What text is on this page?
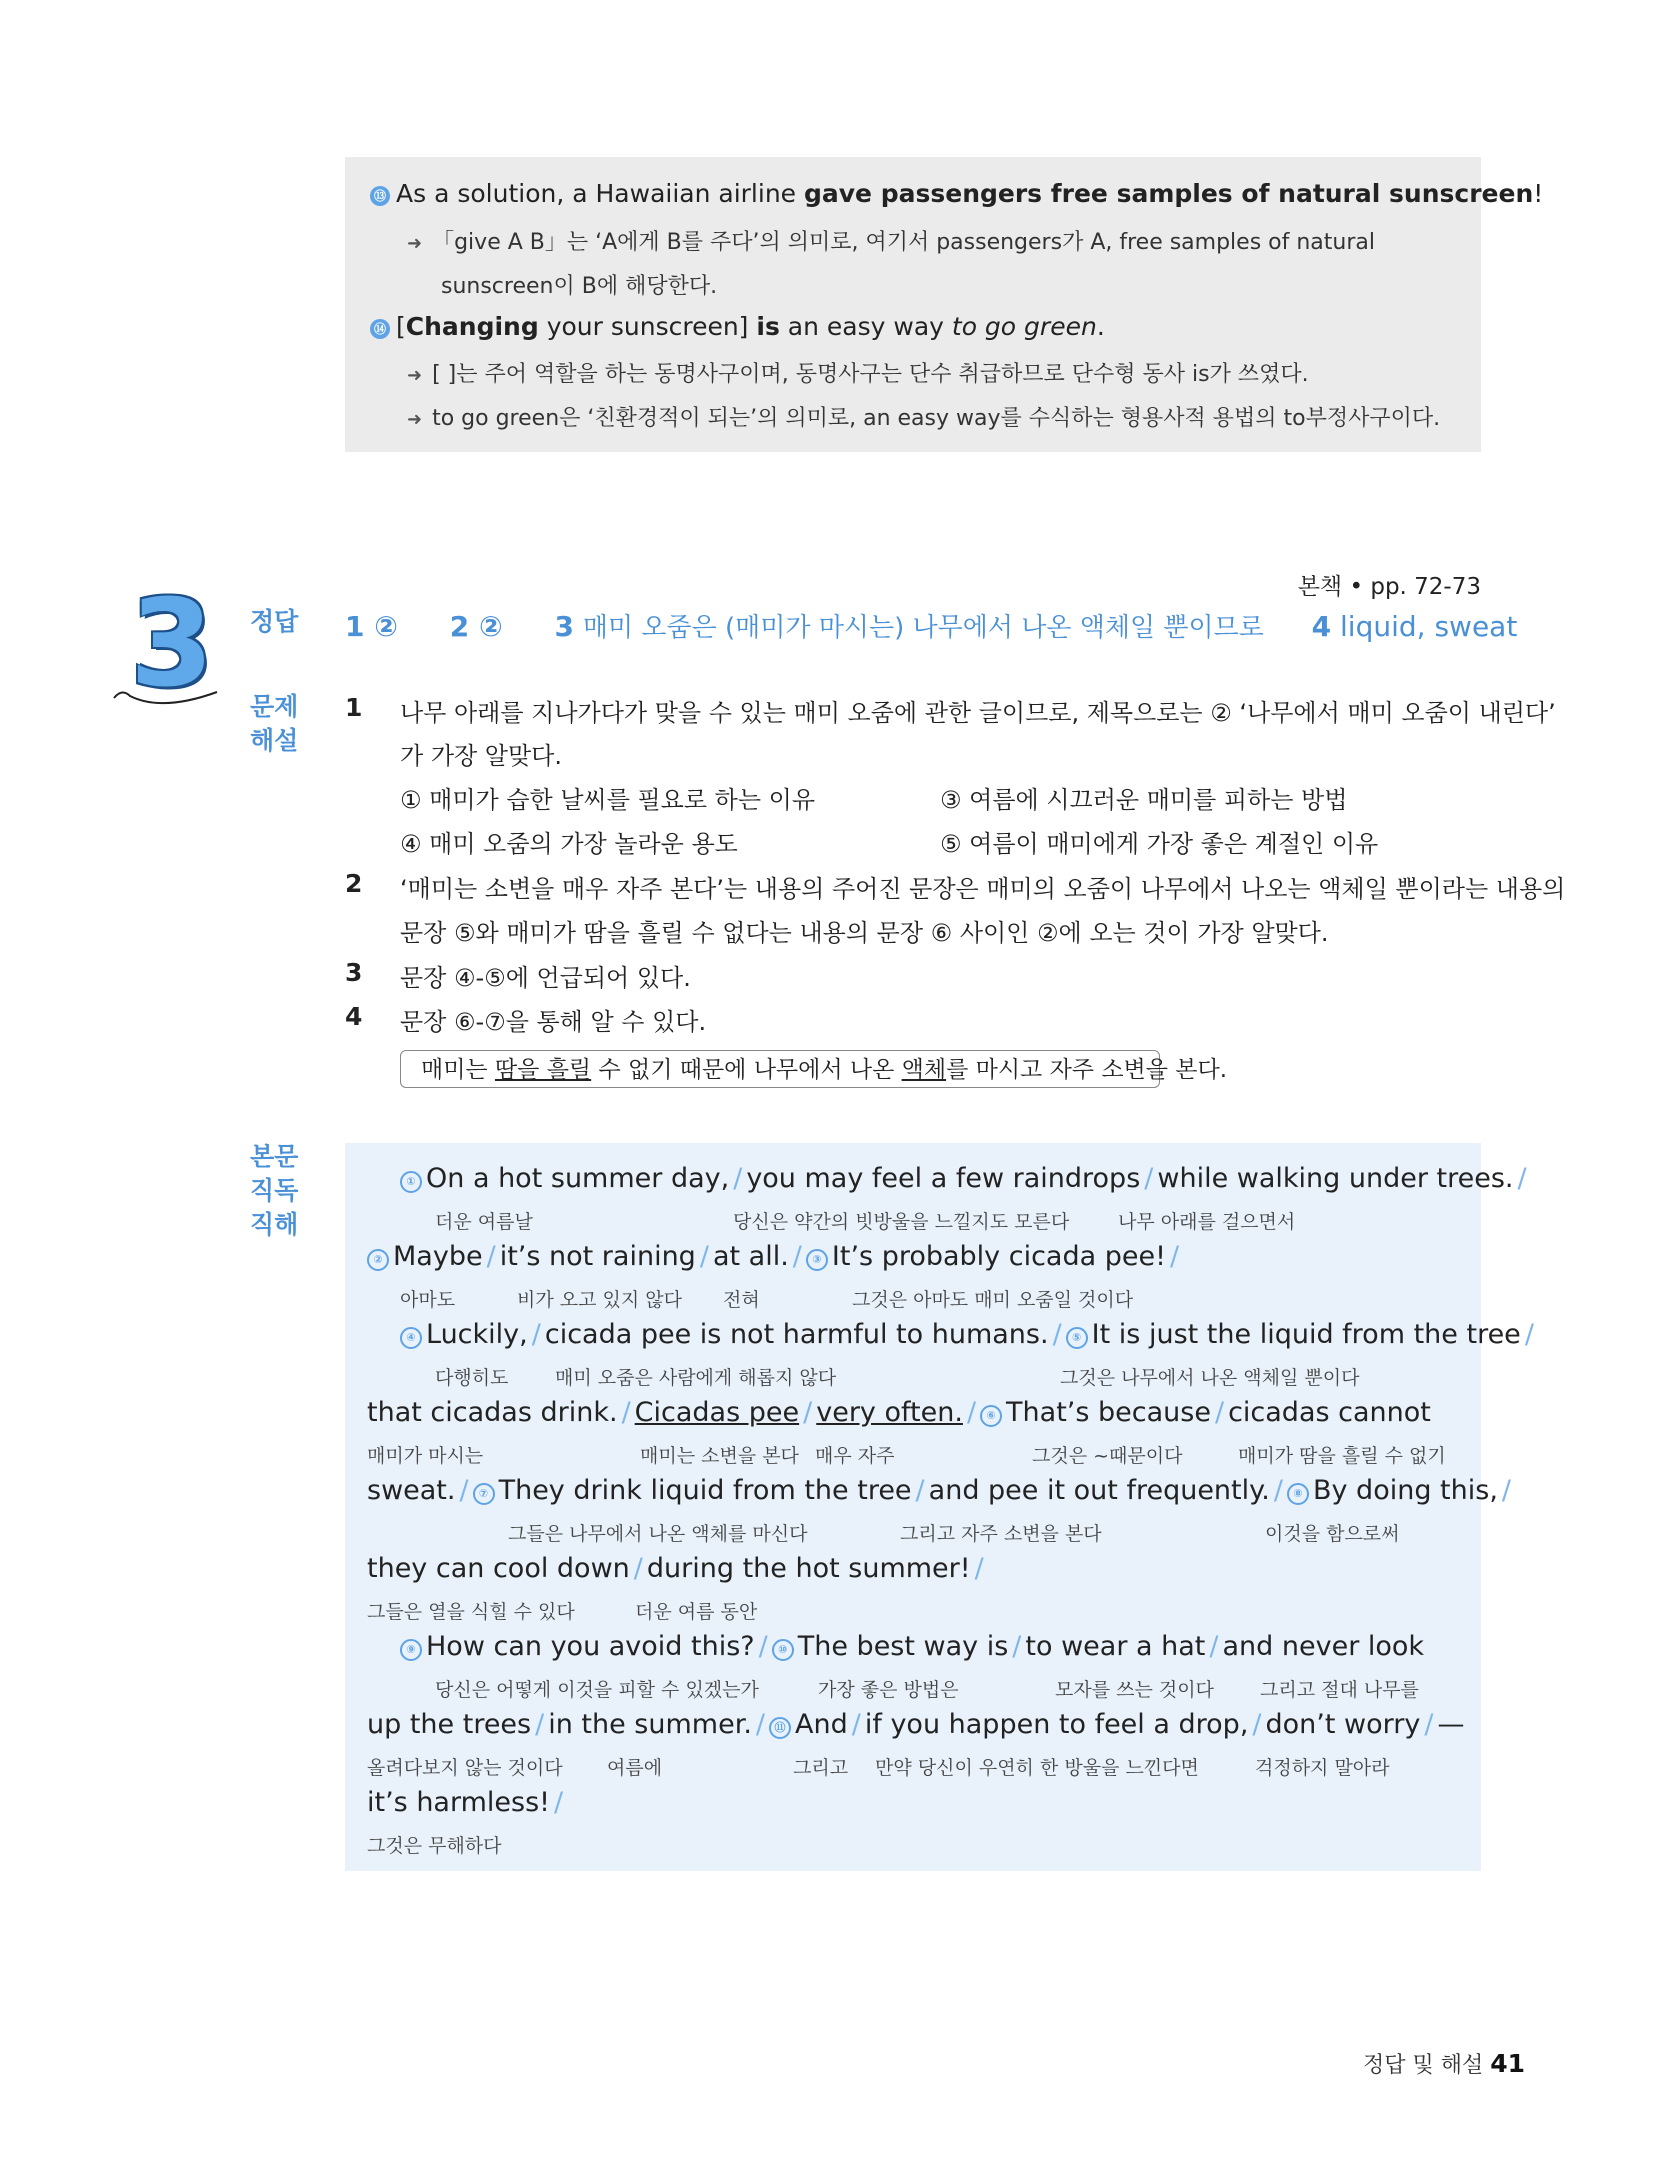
⑬ As a solution, a Hawaiian airline gave passengers free samples of natural sunscreen!
➜ 「give A B」는 ‘A에게 B를 주다’의 의미로, 여기서 passengers가 A, free samples of natural
sunscreen이 B에 해당한다.
⑭ [Changing your sunscreen] is an easy way to go green.
➜ [ ]는 주어 역할을 하는 동명사구이며, 동명사구는 단수 취급하므로 단수형 동사 is가 쓰였다.
➜ to go green은 ‘친환경적이 되는’의 의미로, an easy way를 수식하는 형용사적 용법의 to부정사구이다.
본책 • pp. 72-73
3 정답 1 ② 2 ② 3 매미 오줌은 (매미가 마시는) 나무에서 나온 액체일 뿐이므로 4 liquid, sweat
문제
해설
1 나무 아래를 지나가다가 맞을 수 있는 매미 오줌에 관한 글이므로, 제목으로는 ② ‘나무에서 매미 오줌이 내린다’
가 가장 알맞다.
① 매미가 습한 날씨를 필요로 하는 이유	③ 여름에 시끄러운 매미를 피하는 방법
④ 매미 오줌의 가장 놀라운 용도	⑤ 여름이 매미에게 가장 좋은 계절인 이유
2 ‘매미는 소변을 매우 자주 본다’는 내용의 주어진 문장은 매미의 오줌이 나무에서 나오는 액체일 뿐이라는 내용의
문장 ⑤와 매미가 땀을 흘릴 수 없다는 내용의 문장 ⑥ 사이인 ②에 오는 것이 가장 알맞다.
3 문장 ④-⑤에 언급되어 있다.
4 문장 ⑥-⑦을 통해 알 수 있다.
매미는 땀을 흘릴 수 없기 때문에 나무에서 나온 액체를 마시고 자주 소변을 본다.
본문
직독
직해
① On a hot summer day, / you may feel a few raindrops / while walking under trees. /
더운 여름날	당신은 약간의 빗방울을 느낄지도 모른다	나무 아래를 걸으면서
② Maybe / it’s not raining / at all. / ③ It’s probably cicada pee! /
아마도	비가 오고 있지 않다 전혀	그것은 아마도 매미 오줌일 것이다
④ Luckily, / cicada pee is not harmful to humans. / ⑤ It is just the liquid from the tree /
다행히도 매미 오줌은 사람에게 해롭지 않다	그것은 나무에서 나온 액체일 뿐이다
that cicadas drink. / Cicadas pee / very often. / ⑥ That’s because / cicadas cannot
매미가 마시는	매미는 소변을 본다 매우 자주	그것은 ~때문이다	매미가 땀을 흘릴 수 없기
sweat. / ⑦ They drink liquid from the tree / and pee it out frequently. / ⑧ By doing this, /
그들은 나무에서 나온 액체를 마신다	그리고 자주 소변을 본다	이것을 함으로써
they can cool down / during the hot summer! /
그들은 열을 식힐 수 있다	더운 여름 동안
⑨ How can you avoid this? / ⑩ The best way is / to wear a hat / and never look
당신은 어떻게 이것을 피할 수 있겠는가	가장 좋은 방법은	모자를 쓰는 것이다 그리고 절대 나무를
up the trees / in the summer. / ⑪ And / if you happen to feel a drop, / don’t worry / —
올려다보지 않는 것이다 여름에	그리고 만약 당신이 우연히 한 방울을 느낀다면	걱정하지 말아라
it’s harmless! /
그것은 무해하다
정답 및 해설 41
